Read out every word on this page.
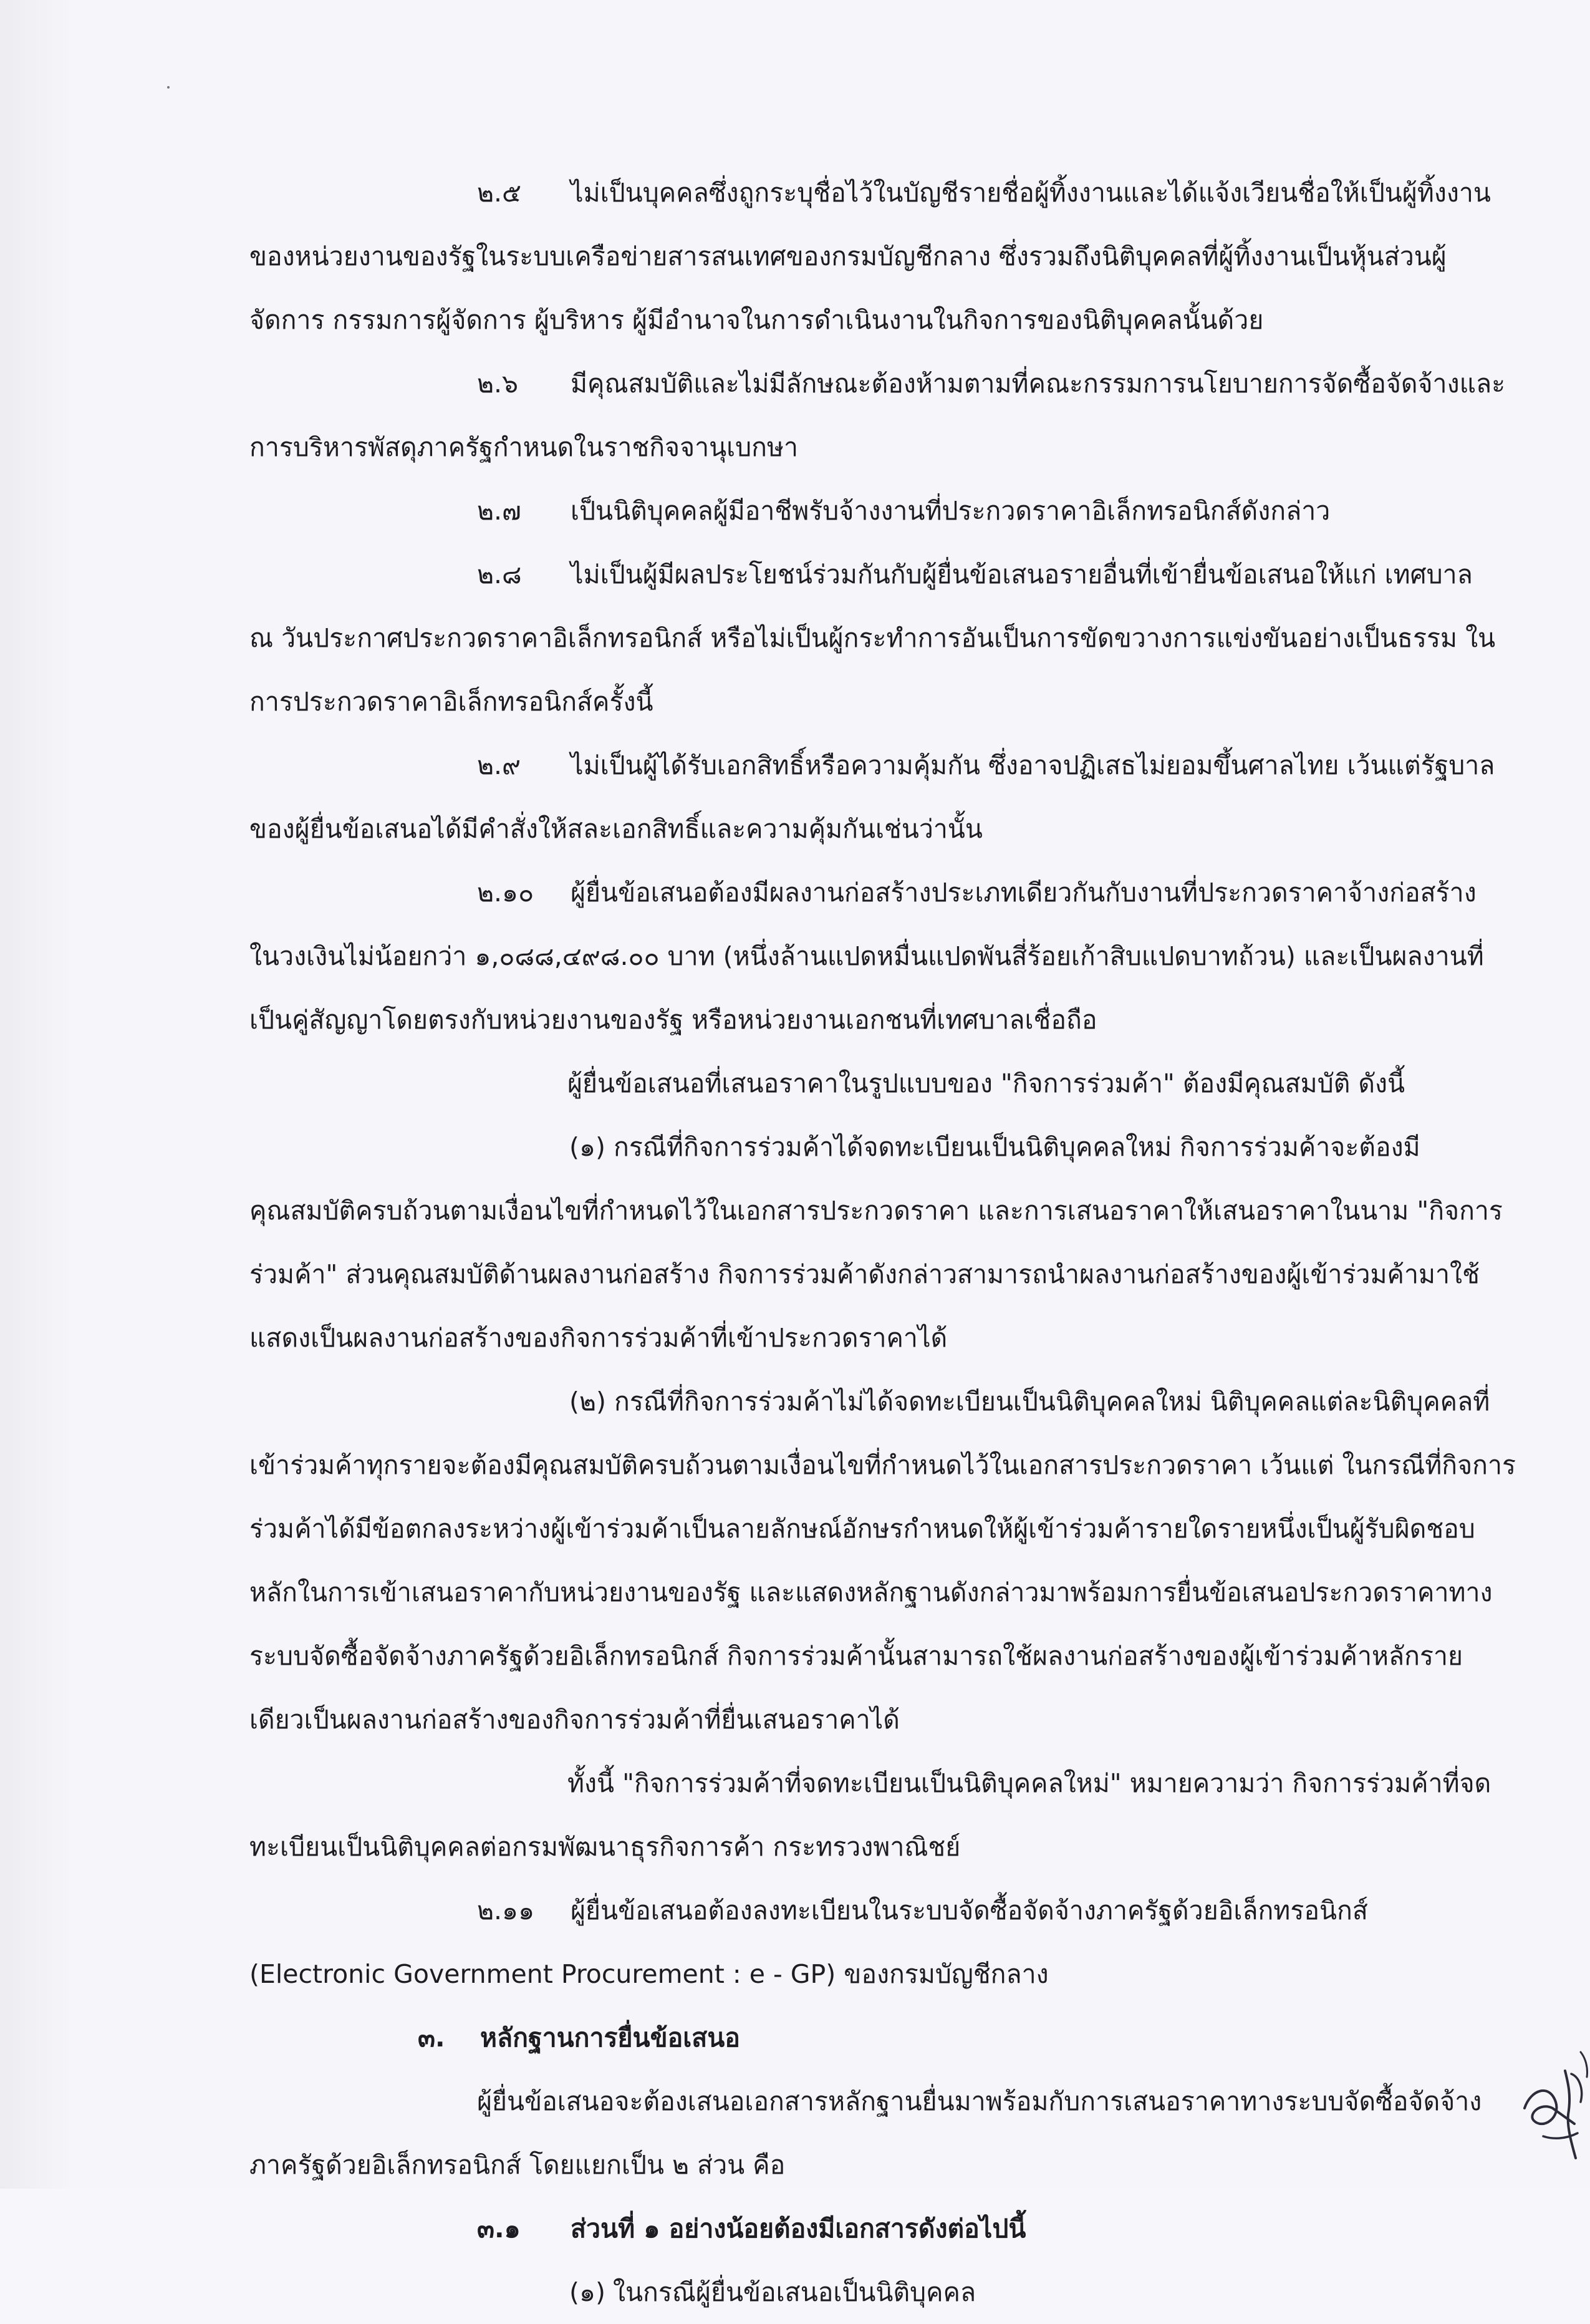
๒.๕ ไม่เป็นบุคคลซึ่งถูกระบุชื่อไว้ในบัญชีรายชื่อผู้ทิ้งงานและได้แจ้งเวียนชื่อให้เป็นผู้ทิ้งงาน
ของหน่วยงานของรัฐในระบบเครือข่ายสารสนเทศของกรมบัญชีกลาง ซึ่งรวมถึงนิติบุคคลที่ผู้ทิ้งงานเป็นหุ้นส่วนผู้
จัดการ กรรมการผู้จัดการ ผู้บริหาร ผู้มีอำนาจในการดำเนินงานในกิจการของนิติบุคคลนั้นด้วย
๒.๖ มีคุณสมบัติและไม่มีลักษณะต้องห้ามตามที่คณะกรรมการนโยบายการจัดซื้อจัดจ้างและ
การบริหารพัสดุภาครัฐกำหนดในราชกิจจานุเบกษา
๒.๗ เป็นนิติบุคคลผู้มีอาชีพรับจ้างงานที่ประกวดราคาอิเล็กทรอนิกส์ดังกล่าว
๒.๘ ไม่เป็นผู้มีผลประโยชน์ร่วมกันกับผู้ยื่นข้อเสนอรายอื่นที่เข้ายื่นข้อเสนอให้แก่ เทศบาล
ณ วันประกาศประกวดราคาอิเล็กทรอนิกส์ หรือไม่เป็นผู้กระทำการอันเป็นการขัดขวางการแข่งขันอย่างเป็นธรรม ใน
การประกวดราคาอิเล็กทรอนิกส์ครั้งนี้
๒.๙ ไม่เป็นผู้ได้รับเอกสิทธิ์หรือความคุ้มกัน ซึ่งอาจปฏิเสธไม่ยอมขึ้นศาลไทย เว้นแต่รัฐบาล
ของผู้ยื่นข้อเสนอได้มีคำสั่งให้สละเอกสิทธิ์และความคุ้มกันเช่นว่านั้น
๒.๑๐ ผู้ยื่นข้อเสนอต้องมีผลงานก่อสร้างประเภทเดียวกันกับงานที่ประกวดราคาจ้างก่อสร้าง
ในวงเงินไม่น้อยกว่า ๑,๐๘๘,๔๙๘.๐๐ บาท (หนึ่งล้านแปดหมื่นแปดพันสี่ร้อยเก้าสิบแปดบาทถ้วน) และเป็นผลงานที่
เป็นคู่สัญญาโดยตรงกับหน่วยงานของรัฐ หรือหน่วยงานเอกชนที่เทศบาลเชื่อถือ
ผู้ยื่นข้อเสนอที่เสนอราคาในรูปแบบของ "กิจการร่วมค้า" ต้องมีคุณสมบัติ ดังนี้
(๑) กรณีที่กิจการร่วมค้าได้จดทะเบียนเป็นนิติบุคคลใหม่ กิจการร่วมค้าจะต้องมี
คุณสมบัติครบถ้วนตามเงื่อนไขที่กำหนดไว้ในเอกสารประกวดราคา และการเสนอราคาให้เสนอราคาในนาม "กิจการ
ร่วมค้า" ส่วนคุณสมบัติด้านผลงานก่อสร้าง กิจการร่วมค้าดังกล่าวสามารถนำผลงานก่อสร้างของผู้เข้าร่วมค้ามาใช้
แสดงเป็นผลงานก่อสร้างของกิจการร่วมค้าที่เข้าประกวดราคาได้
(๒) กรณีที่กิจการร่วมค้าไม่ได้จดทะเบียนเป็นนิติบุคคลใหม่ นิติบุคคลแต่ละนิติบุคคลที่
เข้าร่วมค้าทุกรายจะต้องมีคุณสมบัติครบถ้วนตามเงื่อนไขที่กำหนดไว้ในเอกสารประกวดราคา เว้นแต่ ในกรณีที่กิจการ
ร่วมค้าได้มีข้อตกลงระหว่างผู้เข้าร่วมค้าเป็นลายลักษณ์อักษรกำหนดให้ผู้เข้าร่วมค้ารายใดรายหนึ่งเป็นผู้รับผิดชอบ
หลักในการเข้าเสนอราคากับหน่วยงานของรัฐ และแสดงหลักฐานดังกล่าวมาพร้อมการยื่นข้อเสนอประกวดราคาทาง
ระบบจัดซื้อจัดจ้างภาครัฐด้วยอิเล็กทรอนิกส์ กิจการร่วมค้านั้นสามารถใช้ผลงานก่อสร้างของผู้เข้าร่วมค้าหลักราย
เดียวเป็นผลงานก่อสร้างของกิจการร่วมค้าที่ยื่นเสนอราคาได้
ทั้งนี้ "กิจการร่วมค้าที่จดทะเบียนเป็นนิติบุคคลใหม่" หมายความว่า กิจการร่วมค้าที่จด
ทะเบียนเป็นนิติบุคคลต่อกรมพัฒนาธุรกิจการค้า กระทรวงพาณิชย์
๒.๑๑ ผู้ยื่นข้อเสนอต้องลงทะเบียนในระบบจัดซื้อจัดจ้างภาครัฐด้วยอิเล็กทรอนิกส์
(Electronic Government Procurement : e - GP) ของกรมบัญชีกลาง
๓. หลักฐานการยื่นข้อเสนอ
ผู้ยื่นข้อเสนอจะต้องเสนอเอกสารหลักฐานยื่นมาพร้อมกับการเสนอราคาทางระบบจัดซื้อจัดจ้าง
ภาครัฐด้วยอิเล็กทรอนิกส์ โดยแยกเป็น ๒ ส่วน คือ
๓.๑ ส่วนที่ ๑ อย่างน้อยต้องมีเอกสารดังต่อไปนี้
(๑) ในกรณีผู้ยื่นข้อเสนอเป็นนิติบุคคล
